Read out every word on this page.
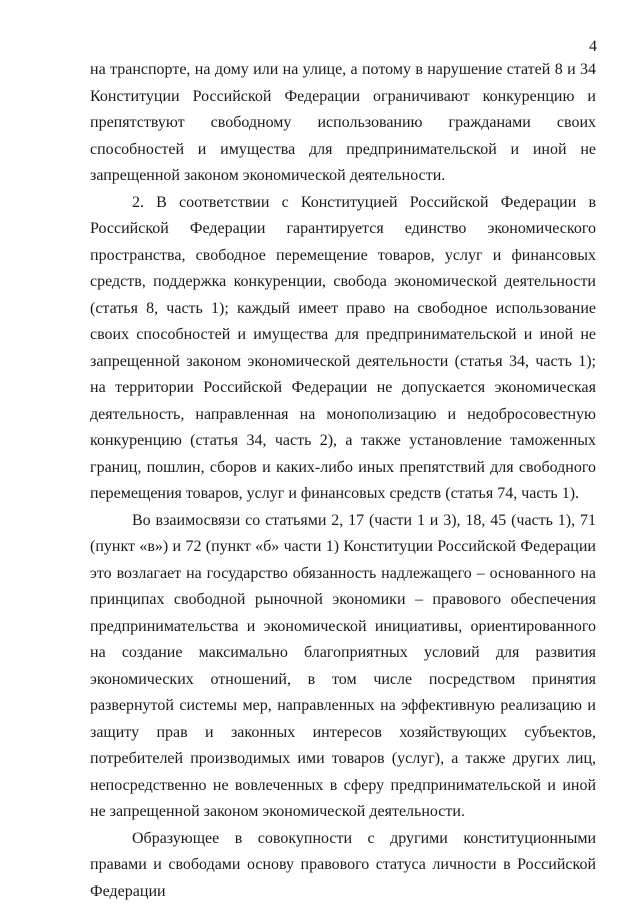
4

на транспорте, на дому или на улице, а потому в нарушение статей 8 и 34 Конституции Российской Федерации ограничивают конкуренцию и препятствуют свободному использованию гражданами своих способностей и имущества для предпринимательской и иной не запрещенной законом экономической деятельности.

2. В соответствии с Конституцией Российской Федерации в Российской Федерации гарантируется единство экономического пространства, свободное перемещение товаров, услуг и финансовых средств, поддержка конкуренции, свобода экономической деятельности (статья 8, часть 1); каждый имеет право на свободное использование своих способностей и имущества для предпринимательской и иной не запрещенной законом экономической деятельности (статья 34, часть 1); на территории Российской Федерации не допускается экономическая деятельность, направленная на монополизацию и недобросовестную конкуренцию (статья 34, часть 2), а также установление таможенных границ, пошлин, сборов и каких-либо иных препятствий для свободного перемещения товаров, услуг и финансовых средств (статья 74, часть 1).

Во взаимосвязи со статьями 2, 17 (части 1 и 3), 18, 45 (часть 1), 71 (пункт «в») и 72 (пункт «б» части 1) Конституции Российской Федерации это возлагает на государство обязанность надлежащего – основанного на принципах свободной рыночной экономики – правового обеспечения предпринимательства и экономической инициативы, ориентированного на создание максимально благоприятных условий для развития экономических отношений, в том числе посредством принятия развернутой системы мер, направленных на эффективную реализацию и защиту прав и законных интересов хозяйствующих субъектов, потребителей производимых ими товаров (услуг), а также других лиц, непосредственно не вовлеченных в сферу предпринимательской и иной не запрещенной законом экономической деятельности.

Образующее в совокупности с другими конституционными правами и свободами основу правового статуса личности в Российской Федерации
